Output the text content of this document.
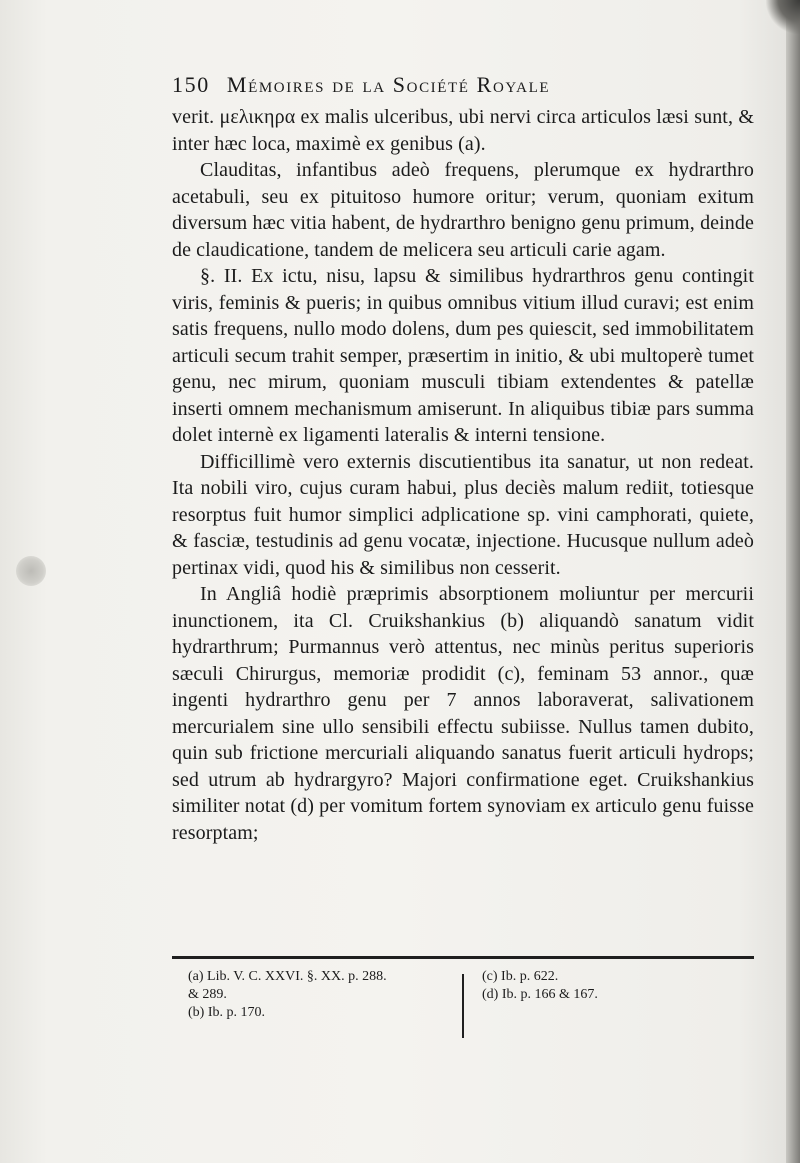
150 Mémoires de la Société Royale

verit. μελικηρα ex malis ulceribus, ubi nervi circa articulos læsi sunt, & inter hæc loca, maximè ex genibus (a).

Clauditas, infantibus adeò frequens, plerumque ex hydrarthro acetabuli, seu ex pituitoso humore oritur; verum, quoniam exitum diversum hæc vitia habent, de hydrarthro benigno genu primum, deinde de claudicatione, tandem de melicera seu articuli carie agam.

§. II. Ex ictu, nisu, lapsu & similibus hydrarthros genu contingit viris, feminis & pueris; in quibus omnibus vitium illud curavi; est enim satis frequens, nullo modo dolens, dum pes quiescit, sed immobilitatem articuli secum trahit semper, præsertim in initio, & ubi multoperè tumet genu, nec mirum, quoniam musculi tibiam extendentes & patellæ inserti omnem mechanismum amiserunt. In aliquibus tibiæ pars summa dolet internè ex ligamenti lateralis & interni tensione.

Difficillimè vero externis discutientibus ita sanatur, ut non redeat. Ita nobili viro, cujus curam habui, plus deciès malum rediit, totiesque resorptus fuit humor simplici adplicatione sp. vini camphorati, quiete, & fasciæ, testudinis ad genu vocatæ, injectione. Hucusque nullum adeò pertinax vidi, quod his & similibus non cesserit.

In Angliâ hodiè præprimis absorptionem moliuntur per mercurii inunctionem, ita Cl. Cruikshankius (b) aliquandò sanatum vidit hydrarthrum; Purmannus verò attentus, nec minùs peritus superioris sæculi Chirurgus, memoriæ prodidit (c), feminam 53 annor., quæ ingenti hydrarthro genu per 7 annos laboraverat, salivationem mercurialem sine ullo sensibili effectu subiisse. Nullus tamen dubito, quin sub frictione mercuriali aliquando sanatus fuerit articuli hydrops; sed utrum ab hydrargyro? Majori confirmatione eget. Cruikshankius similiter notat (d) per vomitum fortem synoviam ex articulo genu fuisse resorptam;

(a) Lib. V. C. XXVI. §. XX. p. 288.
& 289.
(b) Ib. p. 170.
(c) Ib. p. 622.
(d) Ib. p. 166 & 167.
